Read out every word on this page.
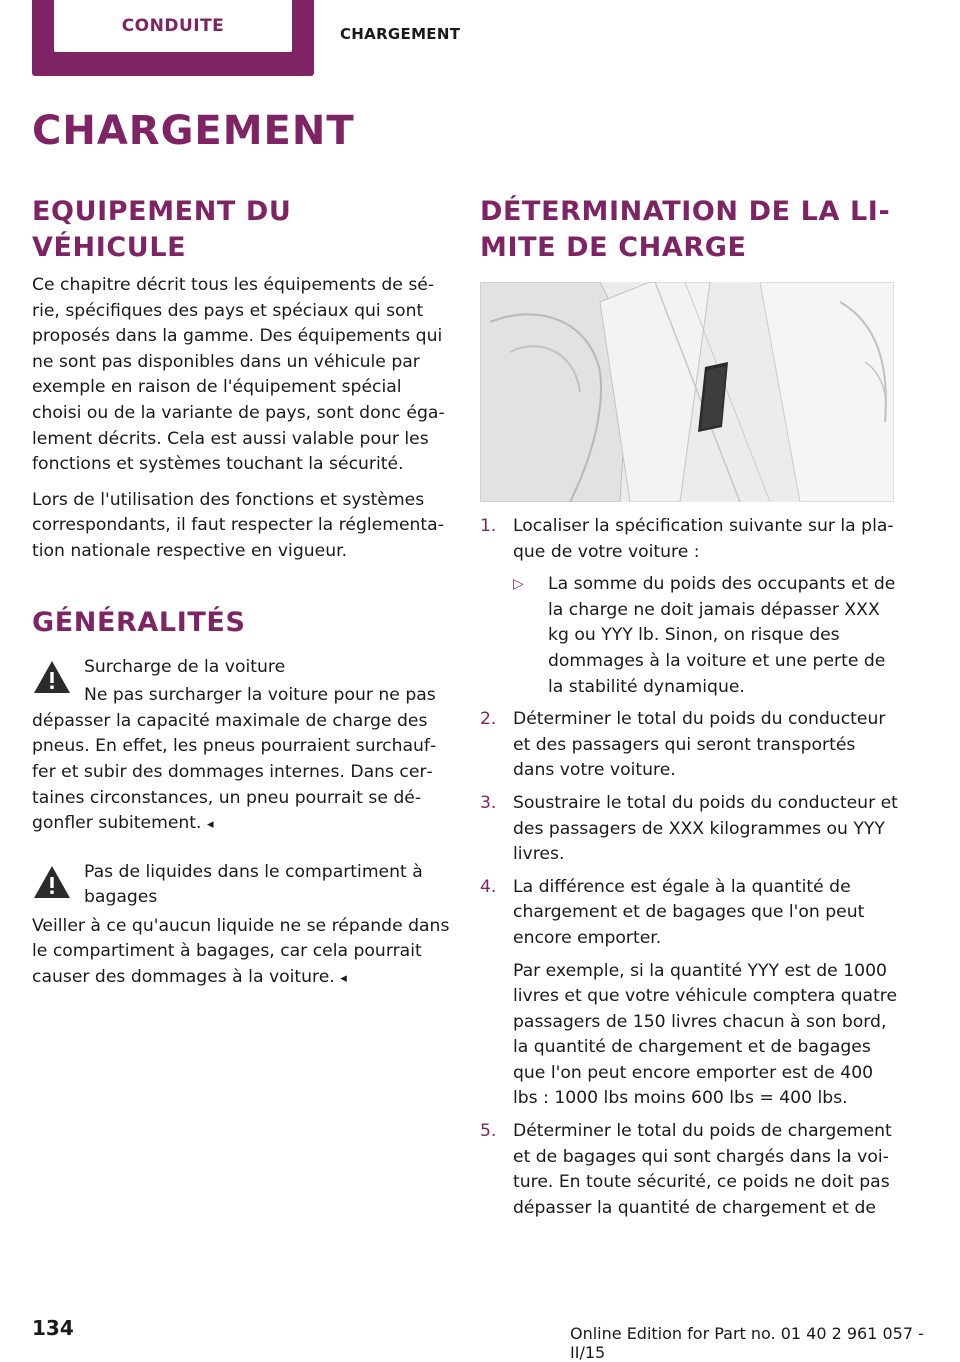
CONDUITE	CHARGEMENT
CHARGEMENT
EQUIPEMENT DU VÉHICULE

Ce chapitre décrit tous les équipements de série, spécifiques des pays et spéciaux qui sont proposés dans la gamme. Des équipements qui ne sont pas disponibles dans un véhicule par exemple en raison de l'équipement spécial choisi ou de la variante de pays, sont donc également décrits. Cela est aussi valable pour les fonctions et systèmes touchant la sécurité.

Lors de l'utilisation des fonctions et systèmes correspondants, il faut respecter la réglementation nationale respective en vigueur.

GÉNÉRALITÉS
Surcharge de la voiture
Ne pas surcharger la voiture pour ne pas
dépasser la capacité maximale de charge des pneus. En effet, les pneus pourraient surchauffer et subir des dommages internes. Dans certaines circonstances, un pneu pourrait se dégonfler subitement. ◂
Pas de liquides dans le compartiment à bagages
Veiller à ce qu'aucun liquide ne se répande dans le compartiment à bagages, car cela pourrait causer des dommages à la voiture. ◂
DÉTERMINATION DE LA LIMITE DE CHARGE
1. Localiser la spécification suivante sur la plaque de votre voiture :
▷ La somme du poids des occupants et de la charge ne doit jamais dépasser XXX kg ou YYY lb. Sinon, on risque des dommages à la voiture et une perte de la stabilité dynamique.
2. Déterminer le total du poids du conducteur et des passagers qui seront transportés dans votre voiture.
3. Soustraire le total du poids du conducteur et des passagers de XXX kilogrammes ou YYY livres.
4. La différence est égale à la quantité de chargement et de bagages que l'on peut encore emporter.
Par exemple, si la quantité YYY est de 1000 livres et que votre véhicule comptera quatre passagers de 150 livres chacun à son bord, la quantité de chargement et de bagages que l'on peut encore emporter est de 400 lbs : 1000 lbs moins 600 lbs = 400 lbs.
5. Déterminer le total du poids de chargement et de bagages qui sont chargés dans la voiture. En toute sécurité, ce poids ne doit pas dépasser la quantité de chargement et de
134	Online Edition for Part no. 01 40 2 961 057 - II/15
